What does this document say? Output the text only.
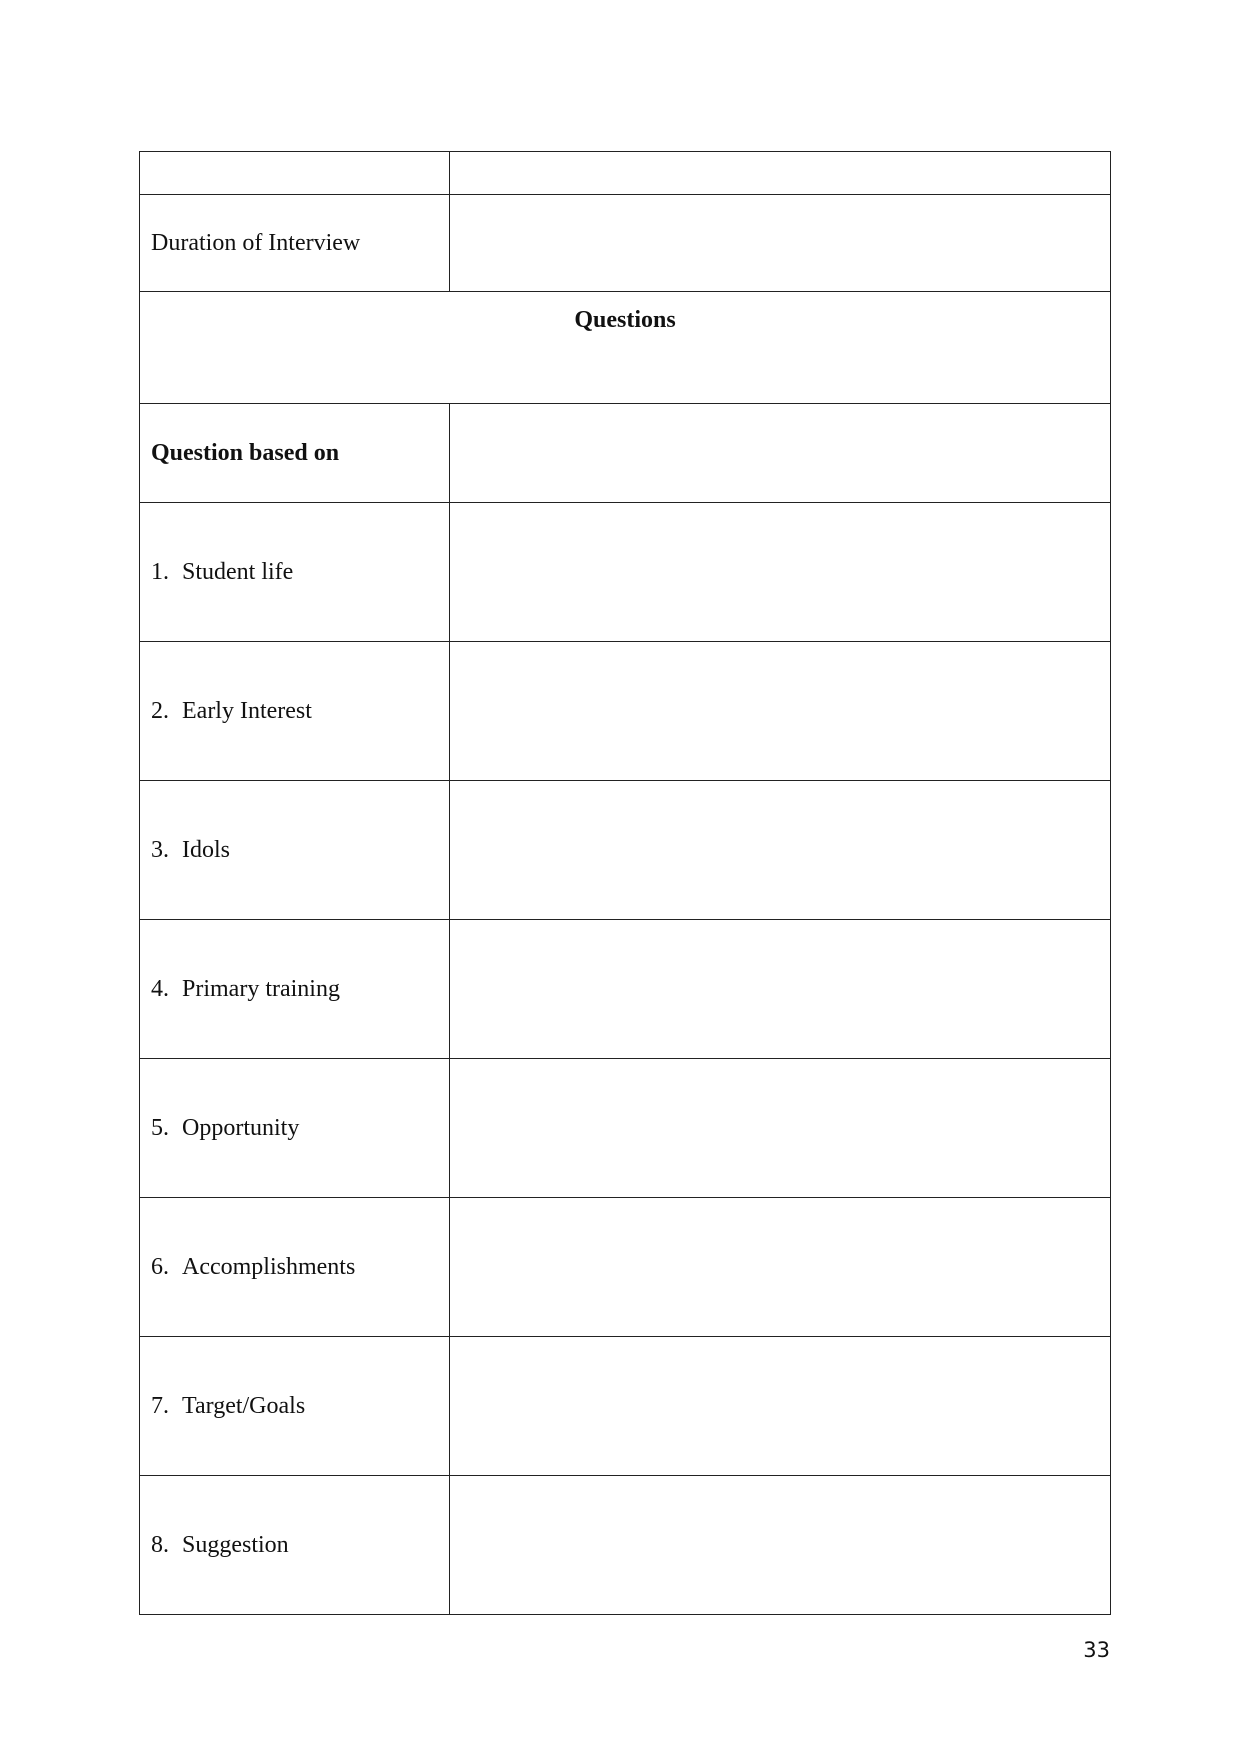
Duration of Interview	
Questions	
Question based on	
1. Student life	
2. Early Interest	
3. Idols	
4. Primary training	
5. Opportunity	
6. Accomplishments	
7. Target/Goals	
8. Suggestion	
33
